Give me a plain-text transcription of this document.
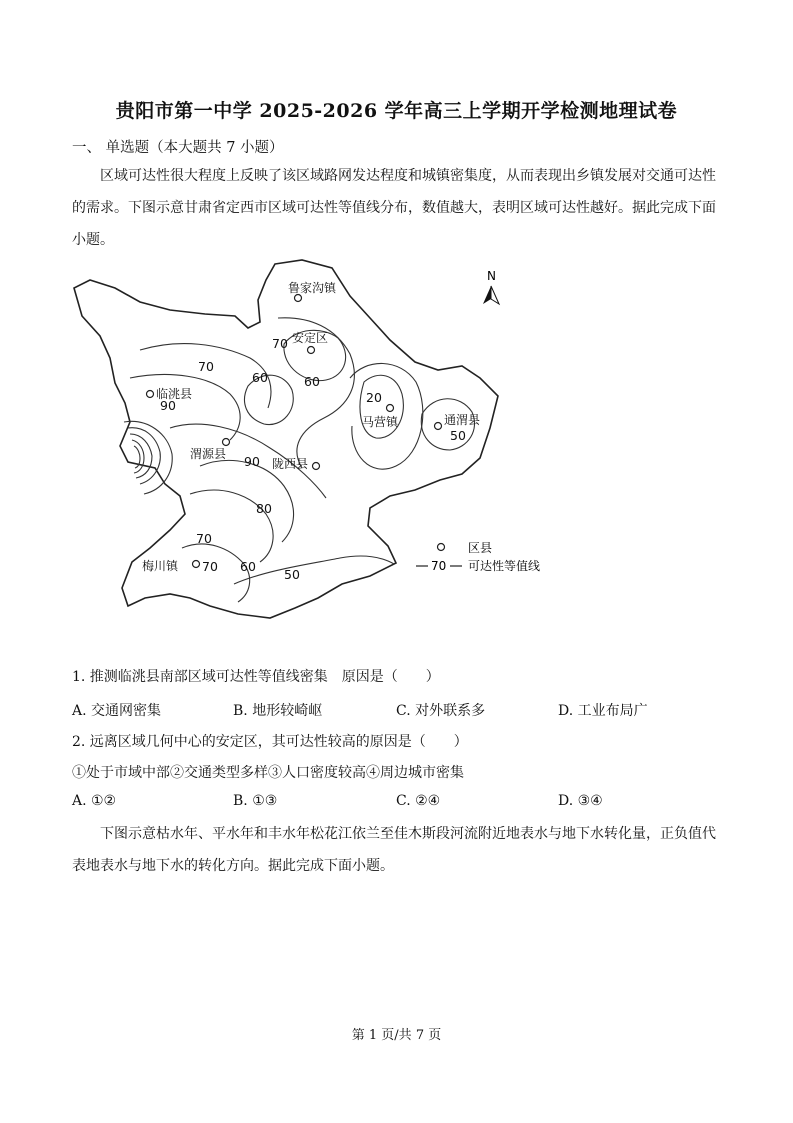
贵阳市第一中学 2025-2026 学年高三上学期开学检测地理试卷
一、 单选题（本大题共 7 小题）
区域可达性很大程度上反映了该区域路网发达程度和城镇密集度，从而表现出乡镇发展对交通可达性的需求。下图示意甘肃省定西市区域可达性等值线分布，数值越大，表明区域可达性越好。据此完成下面小题。
鲁家沟镇
安定区
临洮县
马营镇	通渭县
渭源县
陇西县
梅川镇
70
70
60	60
90
20
50
90
80
70
70 60
50
N
区县
70 可达性等值线
1. 推测临洮县南部区域可达性等值线密集　原因是（　　）
A. 交通网密集	B. 地形较崎岖	C. 对外联系多	D. 工业布局广
2. 远离区域几何中心的安定区，其可达性较高的原因是（　　）
①处于市域中部②交通类型多样③人口密度较高④周边城市密集
A. ①②	B. ①③	C. ②④	D. ③④
下图示意枯水年、平水年和丰水年松花江依兰至佳木斯段河流附近地表水与地下水转化量，正负值代表地表水与地下水的转化方向。据此完成下面小题。
第 1 页/共 7 页
